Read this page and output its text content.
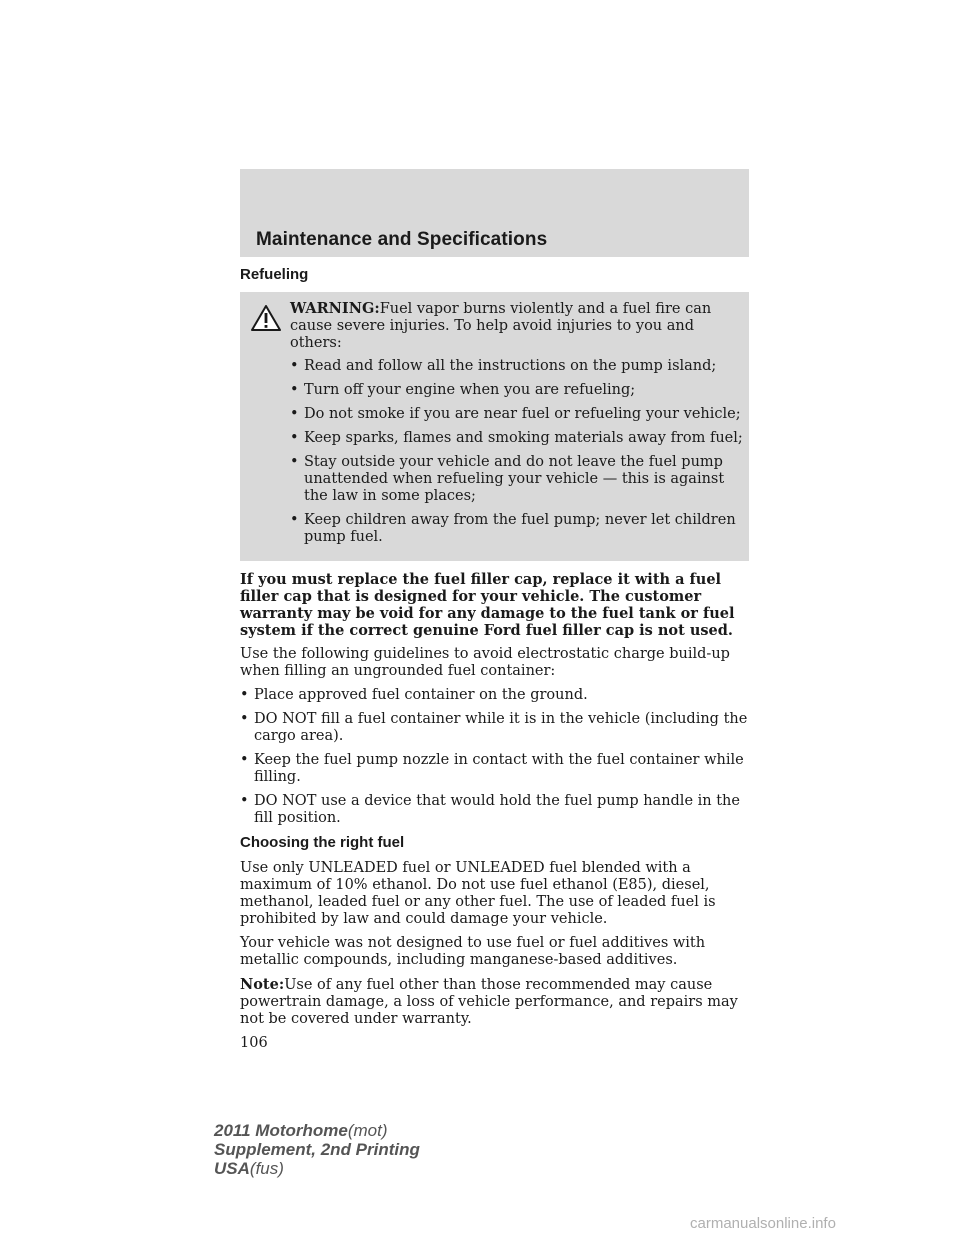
Maintenance and Specifications
Refueling
WARNING:Fuel vapor burns violently and a fuel fire can cause severe injuries. To help avoid injuries to you and others:
• Read and follow all the instructions on the pump island;
• Turn off your engine when you are refueling;
• Do not smoke if you are near fuel or refueling your vehicle;
• Keep sparks, flames and smoking materials away from fuel;
• Stay outside your vehicle and do not leave the fuel pump unattended when refueling your vehicle — this is against the law in some places;
• Keep children away from the fuel pump; never let children pump fuel.
If you must replace the fuel filler cap, replace it with a fuel filler cap that is designed for your vehicle. The customer warranty may be void for any damage to the fuel tank or fuel system if the correct genuine Ford fuel filler cap is not used.
Use the following guidelines to avoid electrostatic charge build-up when filling an ungrounded fuel container:
• Place approved fuel container on the ground.
• DO NOT fill a fuel container while it is in the vehicle (including the cargo area).
• Keep the fuel pump nozzle in contact with the fuel container while filling.
• DO NOT use a device that would hold the fuel pump handle in the fill position.
Choosing the right fuel
Use only UNLEADED fuel or UNLEADED fuel blended with a maximum of 10% ethanol. Do not use fuel ethanol (E85), diesel, methanol, leaded fuel or any other fuel. The use of leaded fuel is prohibited by law and could damage your vehicle.
Your vehicle was not designed to use fuel or fuel additives with metallic compounds, including manganese-based additives.
Note:Use of any fuel other than those recommended may cause powertrain damage, a loss of vehicle performance, and repairs may not be covered under warranty.
106
2011 Motorhome(mot)
Supplement, 2nd Printing
USA(fus)
carmanualsonline.info
